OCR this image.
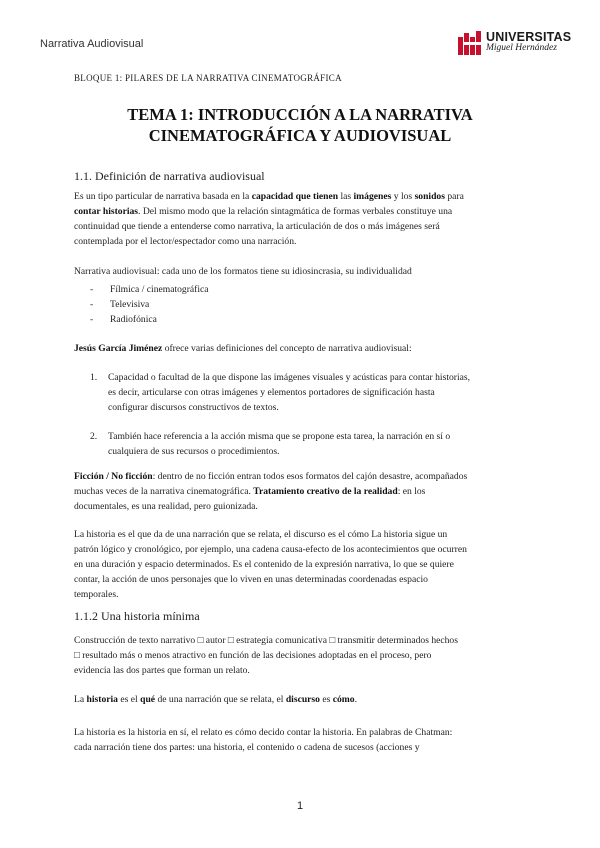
Narrativa Audiovisual	UNIVERSITAS
Miguel Hernández
BLOQUE 1: PILARES DE LA NARRATIVA CINEMATOGRÁFICA
TEMA 1: INTRODUCCIÓN A LA NARRATIVA
CINEMATOGRÁFICA Y AUDIOVISUAL
1.1. Definición de narrativa audiovisual
Es un tipo particular de narrativa basada en la capacidad que tienen las imágenes y los sonidos para
contar historias. Del mismo modo que la relación sintagmática de formas verbales constituye una
continuidad que tiende a entenderse como narrativa, la articulación de dos o más imágenes será
contemplada por el lector/espectador como una narración.
Narrativa audiovisual: cada uno de los formatos tiene su idiosincrasia, su individualidad
- Fílmica / cinematográfica
- Televisiva
- Radiofónica
Jesús García Jiménez ofrece varias definiciones del concepto de narrativa audiovisual:
1. Capacidad o facultad de la que dispone las imágenes visuales y acústicas para contar historias,
es decir, articularse con otras imágenes y elementos portadores de significación hasta
configurar discursos constructivos de textos.
2. También hace referencia a la acción misma que se propone esta tarea, la narración en sí o
cualquiera de sus recursos o procedimientos.
Ficción / No ficción: dentro de no ficción entran todos esos formatos del cajón desastre, acompañados
muchas veces de la narrativa cinematográfica. Tratamiento creativo de la realidad: en los
documentales, es una realidad, pero guionizada.
La historia es el que da de una narración que se relata, el discurso es el cómo La historia sigue un
patrón lógico y cronológico, por ejemplo, una cadena causa-efecto de los acontecimientos que ocurren
en una duración y espacio determinados. Es el contenido de la expresión narrativa, lo que se quiere
contar, la acción de unos personajes que lo viven en unas determinadas coordenadas espacio
temporales.
1.1.2 Una historia mínima
Construcción de texto narrativo □ autor □ estrategia comunicativa □ transmitir determinados hechos
□ resultado más o menos atractivo en función de las decisiones adoptadas en el proceso, pero
evidencia las dos partes que forman un relato.
La historia es el qué de una narración que se relata, el discurso es cómo.
La historia es la historia en sí, el relato es cómo decido contar la historia. En palabras de Chatman:
cada narración tiene dos partes: una historia, el contenido o cadena de sucesos (acciones y
1
